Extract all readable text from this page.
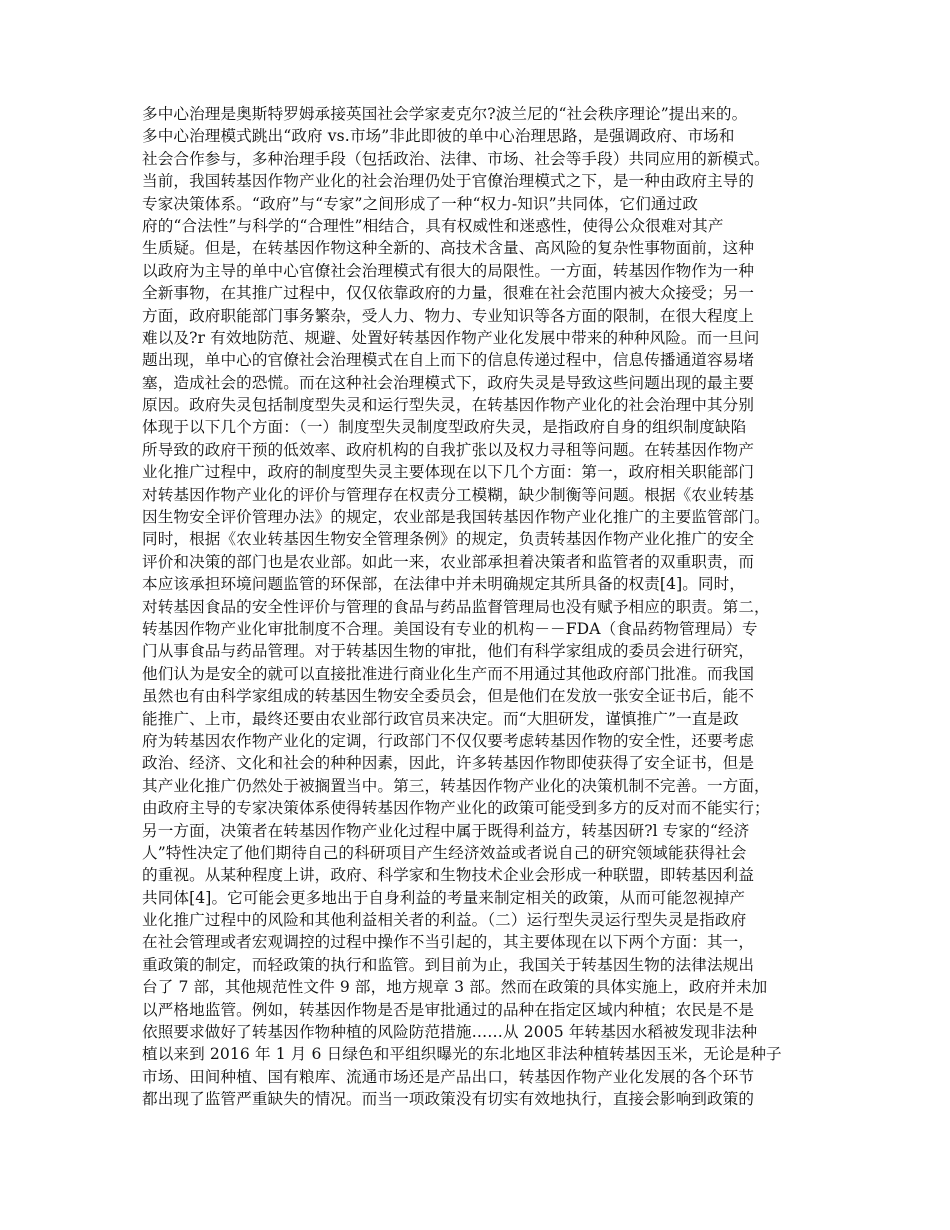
多中心治理是奥斯特罗姆承接英国社会学家麦克尔?波兰尼的“社会秩序理论”提出来的。
多中心治理模式跳出“政府 vs.市场”非此即彼的单中心治理思路，是强调政府、市场和
社会合作参与，多种治理手段（包括政治、法律、市场、社会等手段）共同应用的新模式。
当前，我国转基因作物产业化的社会治理仍处于官僚治理模式之下，是一种由政府主导的
专家决策体系。“政府”与“专家”之间形成了一种“权力-知识”共同体，它们通过政
府的“合法性”与科学的“合理性”相结合，具有权威性和迷惑性，使得公众很难对其产
生质疑。但是，在转基因作物这种全新的、高技术含量、高风险的复杂性事物面前，这种
以政府为主导的单中心官僚社会治理模式有很大的局限性。一方面，转基因作物作为一种
全新事物，在其推广过程中，仅仅依靠政府的力量，很难在社会范围内被大众接受；另一
方面，政府职能部门事务繁杂，受人力、物力、专业知识等各方面的限制，在很大程度上
难以及?r 有效地防范、规避、处置好转基因作物产业化发展中带来的种种风险。而一旦问
题出现，单中心的官僚社会治理模式在自上而下的信息传递过程中，信息传播通道容易堵
塞，造成社会的恐慌。而在这种社会治理模式下，政府失灵是导致这些问题出现的最主要
原因。政府失灵包括制度型失灵和运行型失灵，在转基因作物产业化的社会治理中其分别
体现于以下几个方面：（一）制度型失灵制度型政府失灵，是指政府自身的组织制度缺陷
所导致的政府干预的低效率、政府机构的自我扩张以及权力寻租等问题。在转基因作物产
业化推广过程中，政府的制度型失灵主要体现在以下几个方面：第一，政府相关职能部门
对转基因作物产业化的评价与管理存在权责分工模糊，缺少制衡等问题。根据《农业转基
因生物安全评价管理办法》的规定，农业部是我国转基因作物产业化推广的主要监管部门。
同时，根据《农业转基因生物安全管理条例》的规定，负责转基因作物产业化推广的安全
评价和决策的部门也是农业部。如此一来，农业部承担着决策者和监管者的双重职责，而
本应该承担环境问题监管的环保部，在法律中并未明确规定其所具备的权责[4]。同时，
对转基因食品的安全性评价与管理的食品与药品监督管理局也没有赋予相应的职责。第二，
转基因作物产业化审批制度不合理。美国设有专业的机构－－FDA（食品药物管理局）专
门从事食品与药品管理。对于转基因生物的审批，他们有科学家组成的委员会进行研究，
他们认为是安全的就可以直接批准进行商业化生产而不用通过其他政府部门批准。而我国
虽然也有由科学家组成的转基因生物安全委员会，但是他们在发放一张安全证书后，能不
能推广、上市，最终还要由农业部行政官员来决定。而“大胆研发，谨慎推广”一直是政
府为转基因农作物产业化的定调，行政部门不仅仅要考虑转基因作物的安全性，还要考虑
政治、经济、文化和社会的种种因素，因此，许多转基因作物即使获得了安全证书，但是
其产业化推广仍然处于被搁置当中。第三，转基因作物产业化的决策机制不完善。一方面，
由政府主导的专家决策体系使得转基因作物产业化的政策可能受到多方的反对而不能实行；
另一方面，决策者在转基因作物产业化过程中属于既得利益方，转基因研?l 专家的“经济
人”特性决定了他们期待自己的科研项目产生经济效益或者说自己的研究领域能获得社会
的重视。从某种程度上讲，政府、科学家和生物技术企业会形成一种联盟，即转基因利益
共同体[4]。它可能会更多地出于自身利益的考量来制定相关的政策，从而可能忽视掉产
业化推广过程中的风险和其他利益相关者的利益。（二）运行型失灵运行型失灵是指政府
在社会管理或者宏观调控的过程中操作不当引起的，其主要体现在以下两个方面：其一，
重政策的制定，而轻政策的执行和监管。到目前为止，我国关于转基因生物的法律法规出
台了 7 部，其他规范性文件 9 部，地方规章 3 部。然而在政策的具体实施上，政府并未加
以严格地监管。例如，转基因作物是否是审批通过的品种在指定区域内种植；农民是不是
依照要求做好了转基因作物种植的风险防范措施……从 2005 年转基因水稻被发现非法种
植以来到 2016 年 1 月 6 日绿色和平组织曝光的东北地区非法种植转基因玉米，无论是种子
市场、田间种植、国有粮库、流通市场还是产品出口，转基因作物产业化发展的各个环节
都出现了监管严重缺失的情况。而当一项政策没有切实有效地执行，直接会影响到政策的
